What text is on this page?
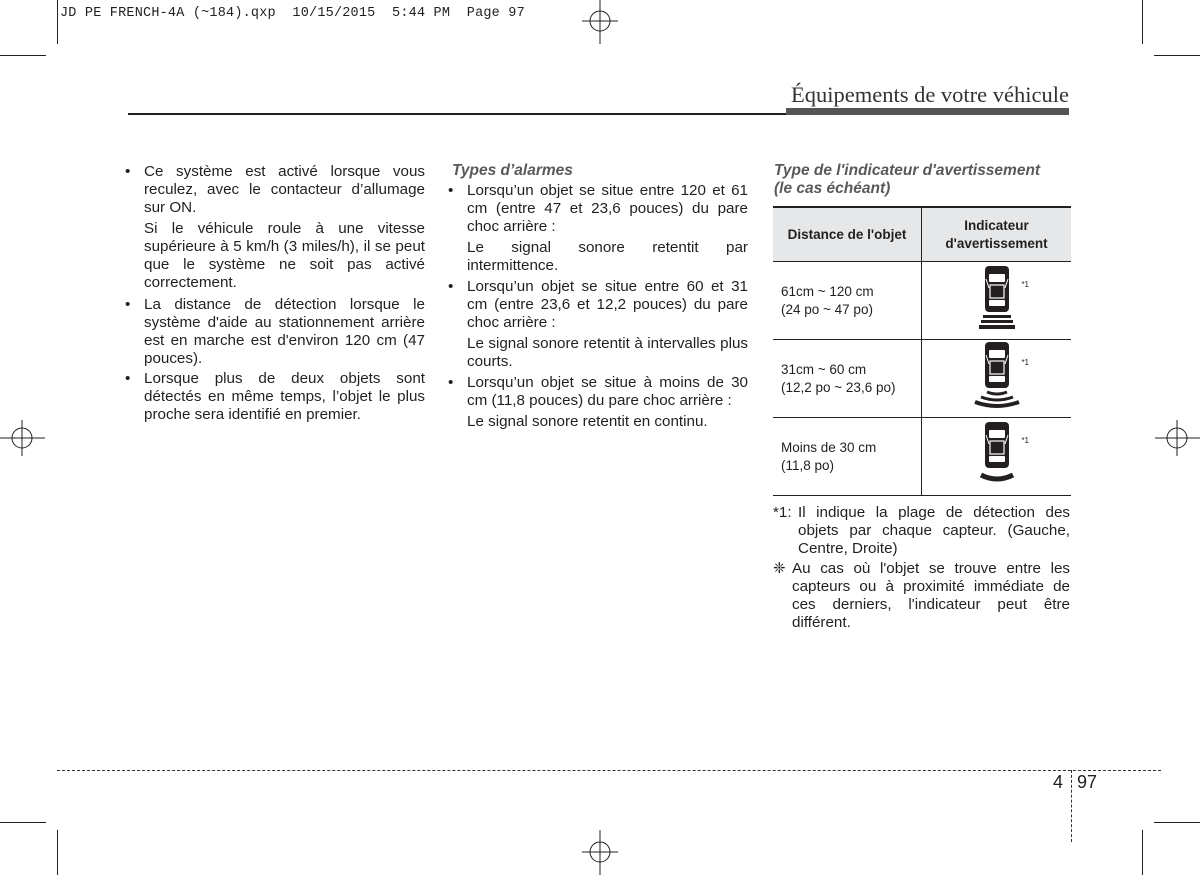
JD PE FRENCH-4A (~184).qxp  10/15/2015  5:44 PM  Page 97
Équipements de votre véhicule
• Ce système est activé lorsque vous reculez, avec le contacteur d’allumage sur ON.
Si le véhicule roule à une vitesse supérieure à 5 km/h (3 miles/h), il se peut que le système ne soit pas activé correctement.
• La distance de détection lorsque le système d'aide au stationnement arrière est en marche est d'environ 120 cm (47 pouces).
• Lorsque plus de deux objets sont détectés en même temps, l’objet le plus proche sera identifié en premier.
Types d’alarmes
• Lorsqu’un objet se situe entre 120 et 61 cm (entre 47 et 23,6 pouces) du pare choc arrière :
Le signal sonore retentit par intermittence.
• Lorsqu’un objet se situe entre 60 et 31 cm (entre 23,6 et 12,2 pouces) du pare choc arrière :
Le signal sonore retentit à intervalles plus courts.
• Lorsqu’un objet se situe à moins de 30 cm (11,8 pouces) du pare choc arrière :
Le signal sonore retentit en continu.
Type de l'indicateur d'avertissement
(le cas échéant)
Distance de l'objet	Indicateur
d'avertissement

61cm ~ 120 cm
(24 po ~ 47 po)	*1

31cm ~ 60 cm
(12,2 po ~ 23,6 po)	*1

Moins de 30 cm
(11,8 po)	*1
*1: Il indique la plage de détection des objets par chaque capteur. (Gauche, Centre, Droite)
❈ Au cas où l'objet se trouve entre les capteurs ou à proximité immédiate de ces derniers, l'indicateur peut être différent.
4 97
